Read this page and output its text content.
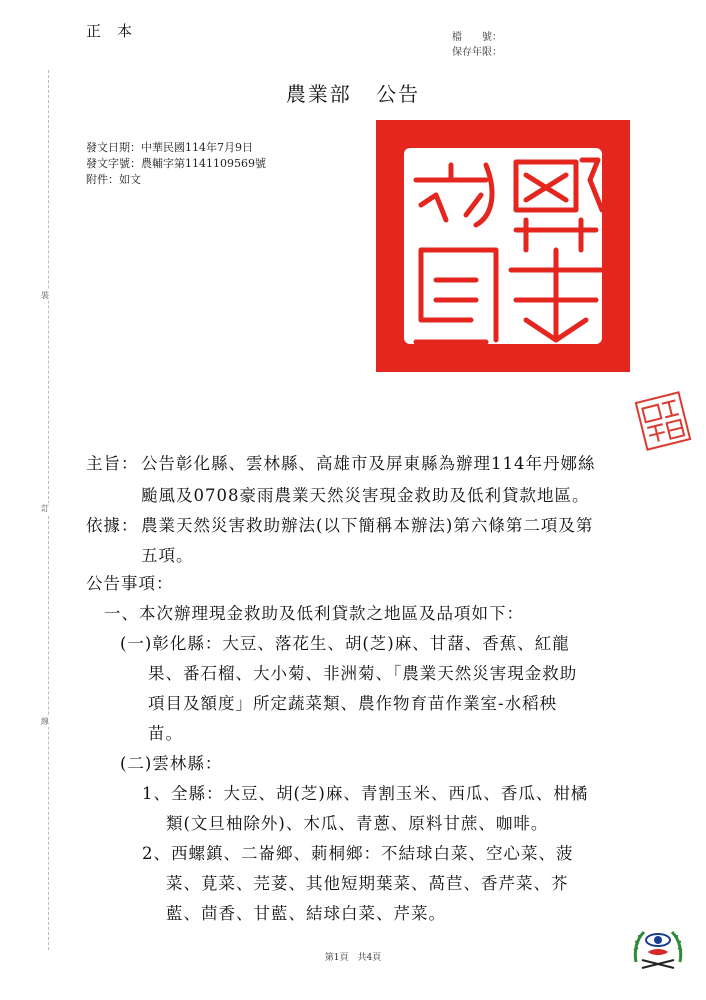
正本	檔　　號：
保存年限：
農業部 公告
發文日期：中華民國114年7月9日
發文字號：農輔字第1141109569號
附件：如文
裝
訂
線
主旨： 公告彰化縣、雲林縣、高雄市及屏東縣為辦理114年丹娜絲
颱風及0708豪雨農業天然災害現金救助及低利貸款地區。
依據： 農業天然災害救助辦法(以下簡稱本辦法)第六條第二項及第
五項。
公告事項：
一、本次辦理現金救助及低利貸款之地區及品項如下：
(一)彰化縣：大豆、落花生、胡(芝)麻、甘藷、香蕉、紅龍
果、番石榴、大小菊、非洲菊、「農業天然災害現金救助
項目及額度」所定蔬菜類、農作物育苗作業室-水稻秧
苗。
(二)雲林縣：
1、全縣：大豆、胡(芝)麻、青割玉米、西瓜、香瓜、柑橘
類(文旦柚除外)、木瓜、青蔥、原料甘蔗、咖啡。
2、西螺鎮、二崙鄉、莿桐鄉：不結球白菜、空心菜、菠
菜、莧菜、芫荽、其他短期葉菜、萵苣、香芹菜、芥
藍、茴香、甘藍、結球白菜、芹菜。
第1頁　共4頁
